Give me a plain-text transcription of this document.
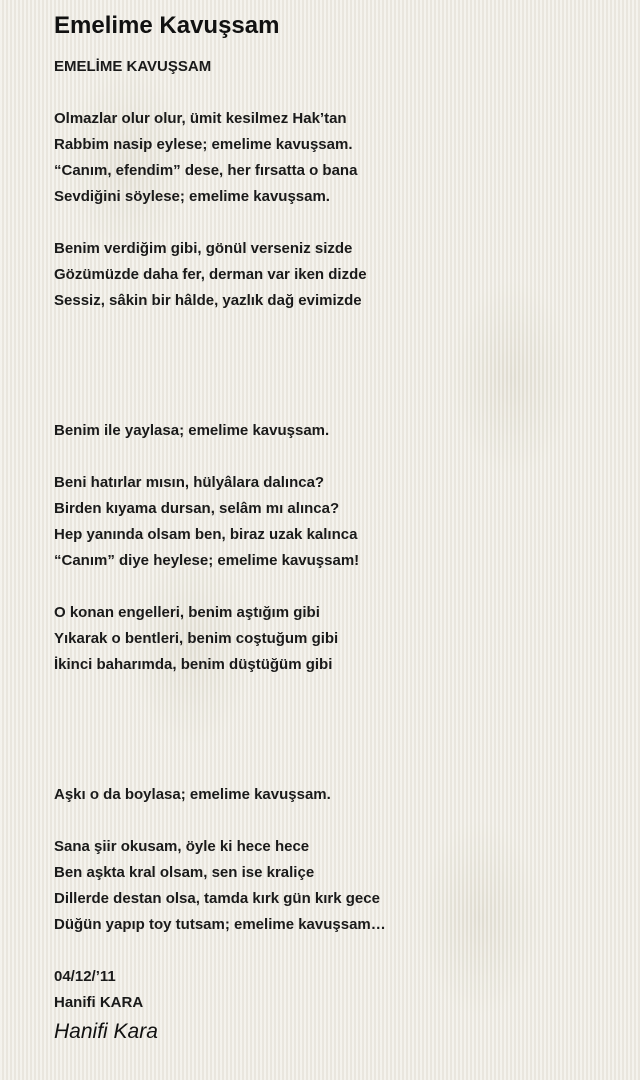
Emelime Kavuşsam
EMELİME KAVUŞSAM
Olmazlar olur olur, ümit kesilmez Hak’tan
Rabbim nasip eylese; emelime kavuşsam.
“Canım, efendim” dese, her fırsatta o bana
Sevdiğini söylese; emelime kavuşsam.
Benim verdiğim gibi, gönül verseniz sizde
Gözümüzde daha fer, derman var iken dizde
Sessiz, sâkin bir hâlde, yazlık dağ evimizde
Benim ile yaylasa; emelime kavuşsam.
Beni hatırlar mısın, hülyâlara dalınca?
Birden kıyama dursan, selâm mı alınca?
Hep yanında olsam ben, biraz uzak kalınca
“Canım” diye heylese; emelime kavuşsam!
O konan engelleri, benim aştığım gibi
Yıkarak o bentleri, benim coştuğum gibi
İkinci baharımda, benim düştüğüm gibi
Aşkı o da boylasa; emelime kavuşsam.
Sana şiir okusam, öyle ki hece hece
Ben aşkta kral olsam, sen ise kraliçe
Dillerde destan olsa, tamda kırk gün kırk gece
Düğün yapıp toy tutsam; emelime kavuşsam…
04/12/’11
Hanifi KARA
Hanifi Kara
